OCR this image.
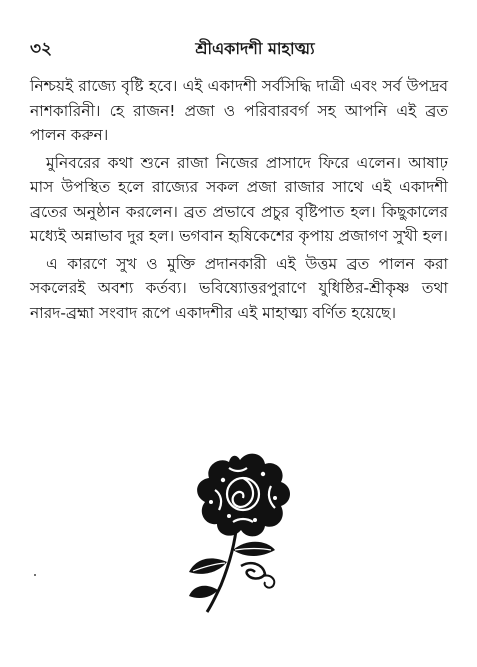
৩২	শ্রীএকাদশী মাহাত্ম্য

নিশ্চয়ই রাজ্যে বৃষ্টি হবে। এই একাদশী সর্বসিদ্ধি দাত্রী এবং সর্ব উপদ্রব নাশকারিনী। হে রাজন! প্রজা ও পরিবারবর্গ সহ আপনি এই ব্রত পালন করুন।

মুনিবরের কথা শুনে রাজা নিজের প্রাসাদে ফিরে এলেন। আষাঢ় মাস উপস্থিত হলে রাজ্যের সকল প্রজা রাজার সাথে এই একাদশী ব্রতের অনুষ্ঠান করলেন। ব্রত প্রভাবে প্রচুর বৃষ্টিপাত হল। কিছুকালের মধ্যেই অন্নাভাব দুর হল। ভগবান হৃষিকেশের কৃপায় প্রজাগণ সুখী হল।

এ কারণে সুখ ও মুক্তি প্রদানকারী এই উত্তম ব্রত পালন করা সকলেরই অবশ্য কর্তব্য। ভবিষ্যোত্তরপুরাণে যুধিষ্ঠির-শ্রীকৃষ্ণ তথা নারদ-ব্রহ্মা সংবাদ রূপে একাদশীর এই মাহাত্ম্য বর্ণিত হয়েছে।
